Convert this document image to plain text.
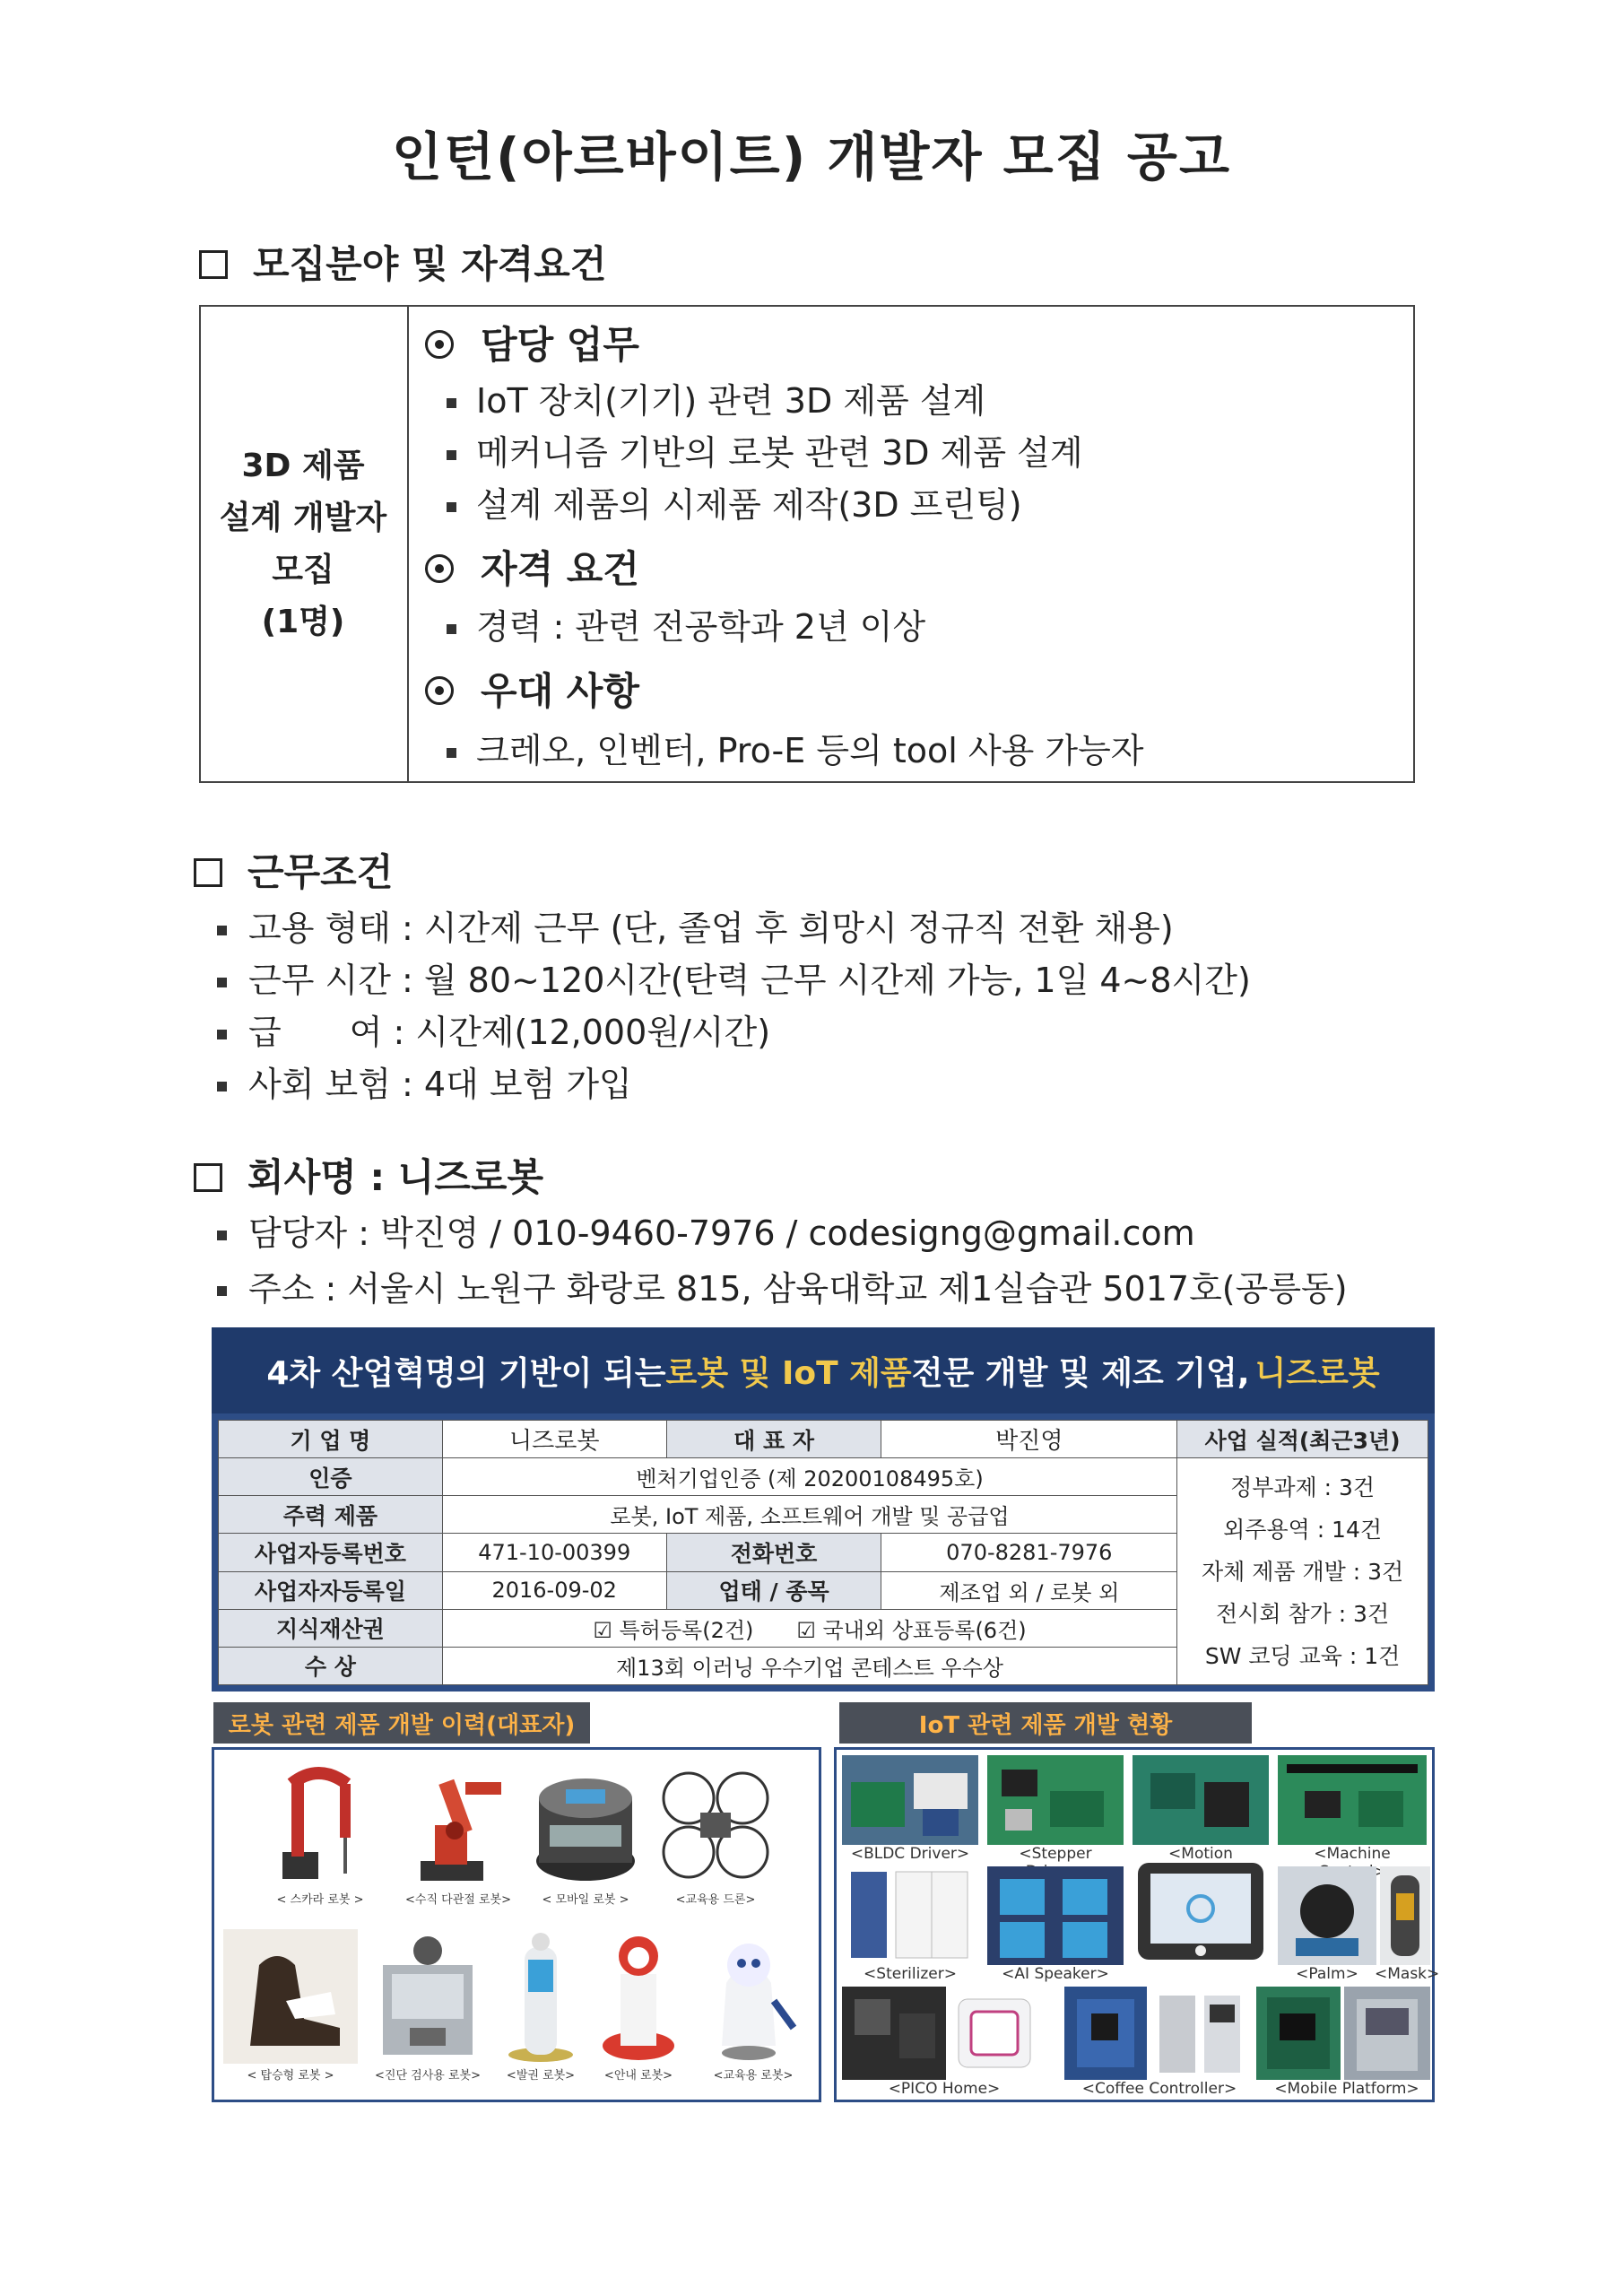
인턴(아르바이트) 개발자 모집 공고
모집분야 및 자격요건
3D 제품
설계 개발자
모집
(1명)
담당 업무
IoT 장치(기기) 관련 3D 제품 설계
메커니즘 기반의 로봇 관련 3D 제품 설계
설계 제품의 시제품 제작(3D 프린팅)
자격 요건
경력 : 관련 전공학과 2년 이상
우대 사항
크레오, 인벤터, Pro-E 등의 tool 사용 가능자
근무조건
고용 형태 : 시간제 근무 (단, 졸업 후 희망시 정규직 전환 채용)
근무 시간 : 월 80~120시간(탄력 근무 시간제 가능, 1일 4~8시간)
급　　여 : 시간제(12,000원/시간)
사회 보험 : 4대 보험 가입
회사명 : 니즈로봇
담당자 : 박진영 / 010-9460-7976 / codesigng@gmail.com
주소 : 서울시 노원구 화랑로 815, 삼육대학교 제1실습관 5017호(공릉동)
4차 산업혁명의 기반이 되는 로봇 및 IoT 제품 전문 개발 및 제조 기업, 니즈로봇
기 업 명	니즈로봇	대 표 자	박진영	사업 실적(최근3년)
인증	벤처기업인증 (제 20200108495호)			정부과제 : 3건
외주용역 : 14건
자체 제품 개발 : 3건
전시회 참가 : 3건
SW 코딩 교육 : 1건

주력 제품	로봇, IoT 제품, 소프트웨어 개발 및 공급업			
사업자등록번호	471-10-00399	전화번호	070-8281-7976	
사업자자등록일	2016-09-02	업태 / 종목	제조업 외 / 로봇 외	
지식재산권	☑ 특허등록(2건)　　☑ 국내외 상표등록(6건)			
수 상	제13회 이러닝 우수기업 콘테스트 우수상			
로봇 관련 제품 개발 이력(대표자)
< 스카라 로봇 >	<수직 다관절 로봇>	< 모바일 로봇 >	<교육용 드론>
< 탑승형 로봇 >	<진단 검사용 로봇>	<발권 로봇>	<안내 로봇>	<교육용 로봇>
IoT 관련 제품 개발 현황
<BLDC Driver>	<Stepper	<Motion	<Machine
<Sterilizer>	<AI Speaker>	<Palm>	<Mask>
<PICO Home>	<Coffee Controller>	<Mobile Platform>
